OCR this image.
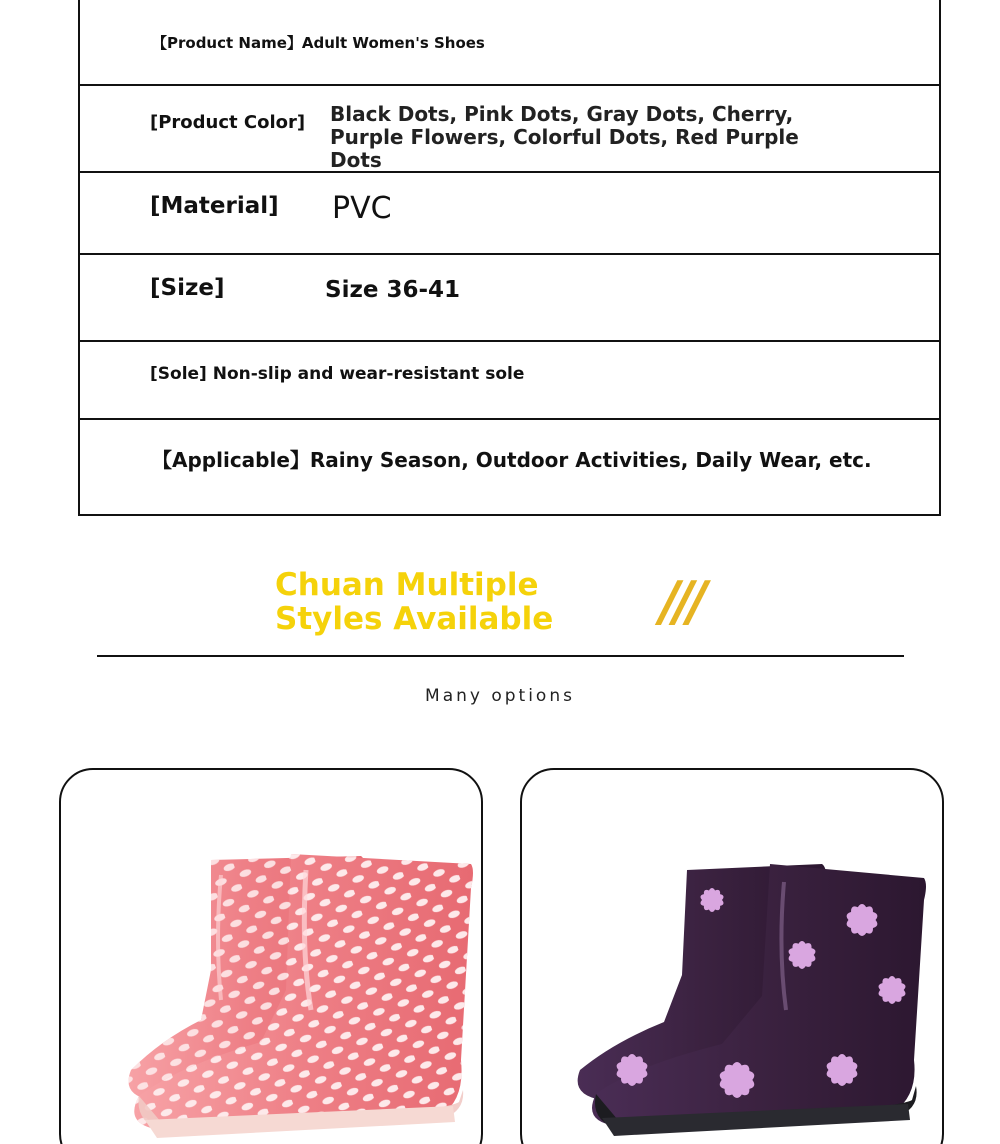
【Product Name】Adult Women's Shoes
[Product Color] Black Dots, Pink Dots, Gray Dots, Cherry, Purple Flowers, Colorful Dots, Red Purple Dots
[Material] PVC
[Size]	Size 36-41
[Sole] Non-slip and wear-resistant sole
【Applicable】Rainy Season, Outdoor Activities, Daily Wear, etc.
Chuan Multiple Styles Available	///
Many options
